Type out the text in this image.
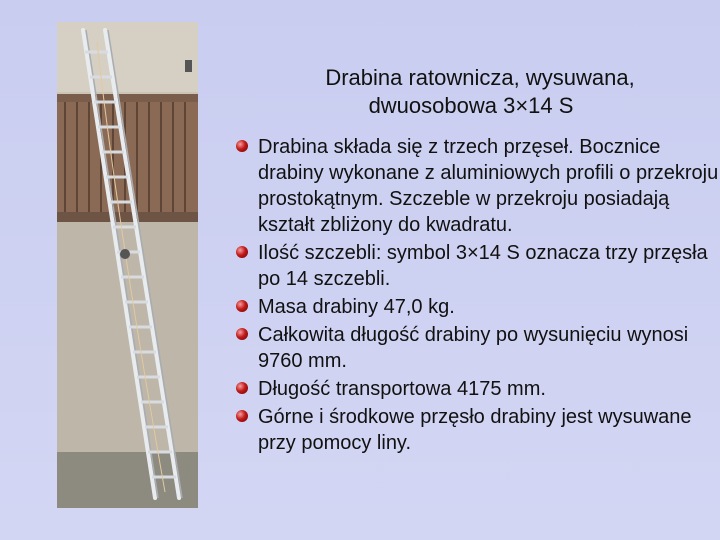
Drabina ratownicza, wysuwana,
dwuosobowa 3×14 S
Drabina składa się z trzech przęseł. Bocznice drabiny wykonane z aluminiowych profili o przekroju prostokątnym. Szczeble w przekroju posiadają kształt zbliżony do kwadratu.
Ilość szczebli: symbol 3×14 S oznacza trzy przęsła po 14 szczebli.
Masa drabiny 47,0 kg.
Całkowita długość drabiny po wysunięciu wynosi 9760 mm.
Długość transportowa 4175 mm.
Górne i środkowe przęsło drabiny jest wysuwane przy pomocy liny.
